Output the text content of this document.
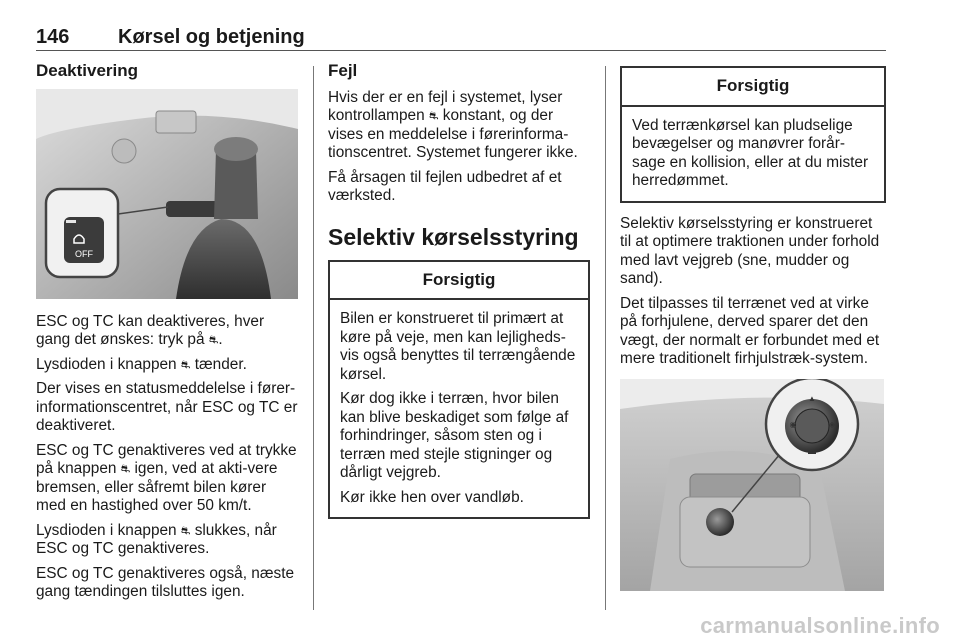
146 Kørsel og betjening
Deaktivering
OFF

ESC og TC kan deaktiveres, hver gang det ønskes: tryk på ⛐.

Lysdioden i knappen ⛐ tænder.

Der vises en statusmeddelelse i fører-informationscentret, når ESC og TC er deaktiveret.

ESC og TC genaktiveres ved at trykke på knappen ⛐ igen, ved at akti-vere bremsen, eller såfremt bilen kører med en hastighed over 50 km/t.

Lysdioden i knappen ⛐ slukkes, når ESC og TC genaktiveres.

ESC og TC genaktiveres også, næste gang tændingen tilsluttes igen.

Fejl

Hvis der er en fejl i systemet, lyser kontrollampen ⛐ konstant, og der vises en meddelelse i førerinforma-tionscentret. Systemet fungerer ikke.

Få årsagen til fejlen udbedret af et værksted.

Selektiv kørselsstyring
Forsigtig

Bilen er konstrueret til primært at køre på veje, men kan lejligheds-vis også benyttes til terrængående kørsel.

Kør dog ikke i terræn, hvor bilen kan blive beskadiget som følge af forhindringer, såsom sten og i terræn med stejle stigninger og dårligt vejgreb.

Kør ikke hen over vandløb.

Forsigtig

Ved terrænkørsel kan pludselige bevægelser og manøvrer forår-sage en kollision, eller at du mister herredømmet.

Selektiv kørselsstyring er konstrueret til at optimere traktionen under forhold med lavt vejgreb (sne, mudder og sand).

Det tilpasses til terrænet ved at virke på forhjulene, derved sparer det den vægt, der normalt er forbundet med et mere traditionelt firhjulstræk-system.

▲
◉	◈
▬
carmanualsonline.info
